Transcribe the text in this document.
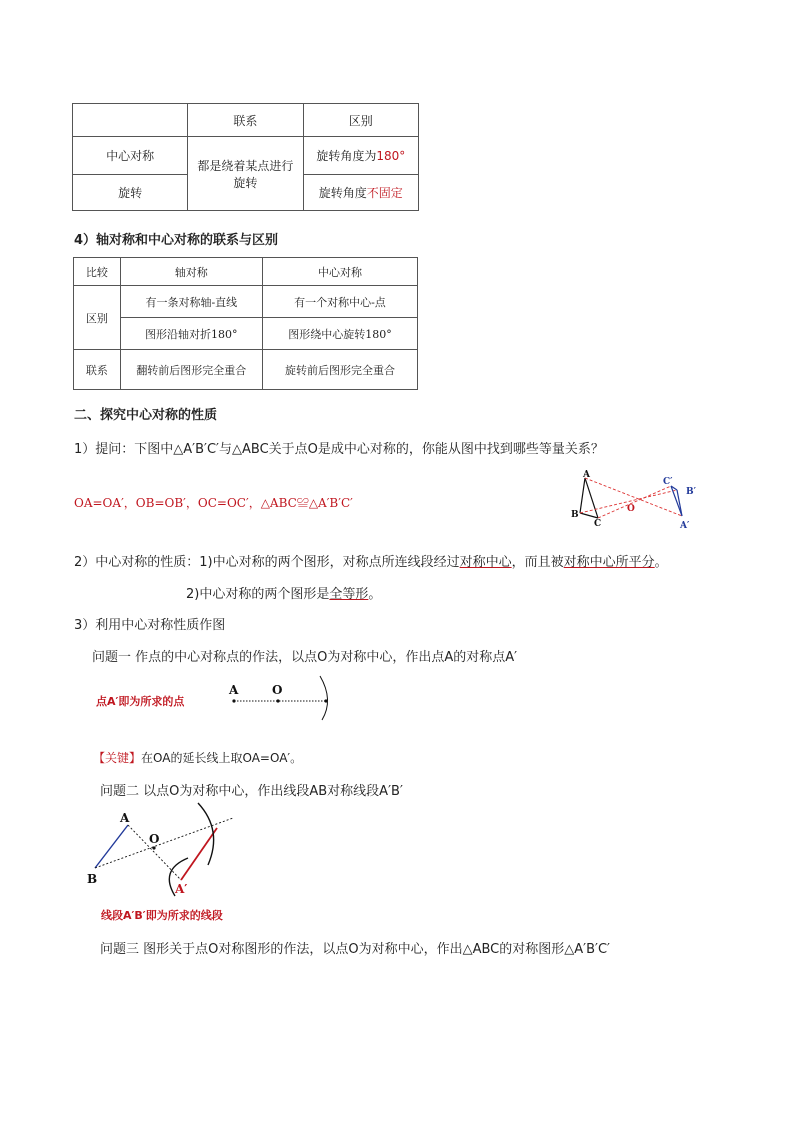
	联系	区别
中心对称	都是绕着某点进行旋转	旋转角度为180°
旋转		旋转角度不固定
4）轴对称和中心对称的联系与区别
比较	轴对称	中心对称
区别	有一条对称轴-直线	有一个对称中心-点
	图形沿轴对折180°	图形绕中心旋转180°
联系	翻转前后图形完全重合	旋转前后图形完全重合
二、探究中心对称的性质
1）提问：下图中△A′B′C′与△ABC关于点O是成中心对称的，你能从图中找到哪些等量关系？
OA=OA′，OB=OB′，OC=OC′，△ABC≌△A′B′C′
A
B
C
O
C′
B′
A′
2）中心对称的性质：1)中心对称的两个图形，对称点所连线段经过对称中心，而且被对称中心所平分。
2)中心对称的两个图形是全等形。
3）利用中心对称性质作图
问题一 作点的中心对称点的作法，以点O为对称中心，作出点A的对称点A′
点A′即为所求的点
A	O
【关键】在OA的延长线上取OA=OA′。
问题二 以点O为对称中心，作出线段AB对称线段A′B′
A
O
B
A′
线段A′B′即为所求的线段
问题三 图形关于点O对称图形的作法，以点O为对称中心，作出△ABC的对称图形△A′B′C′
